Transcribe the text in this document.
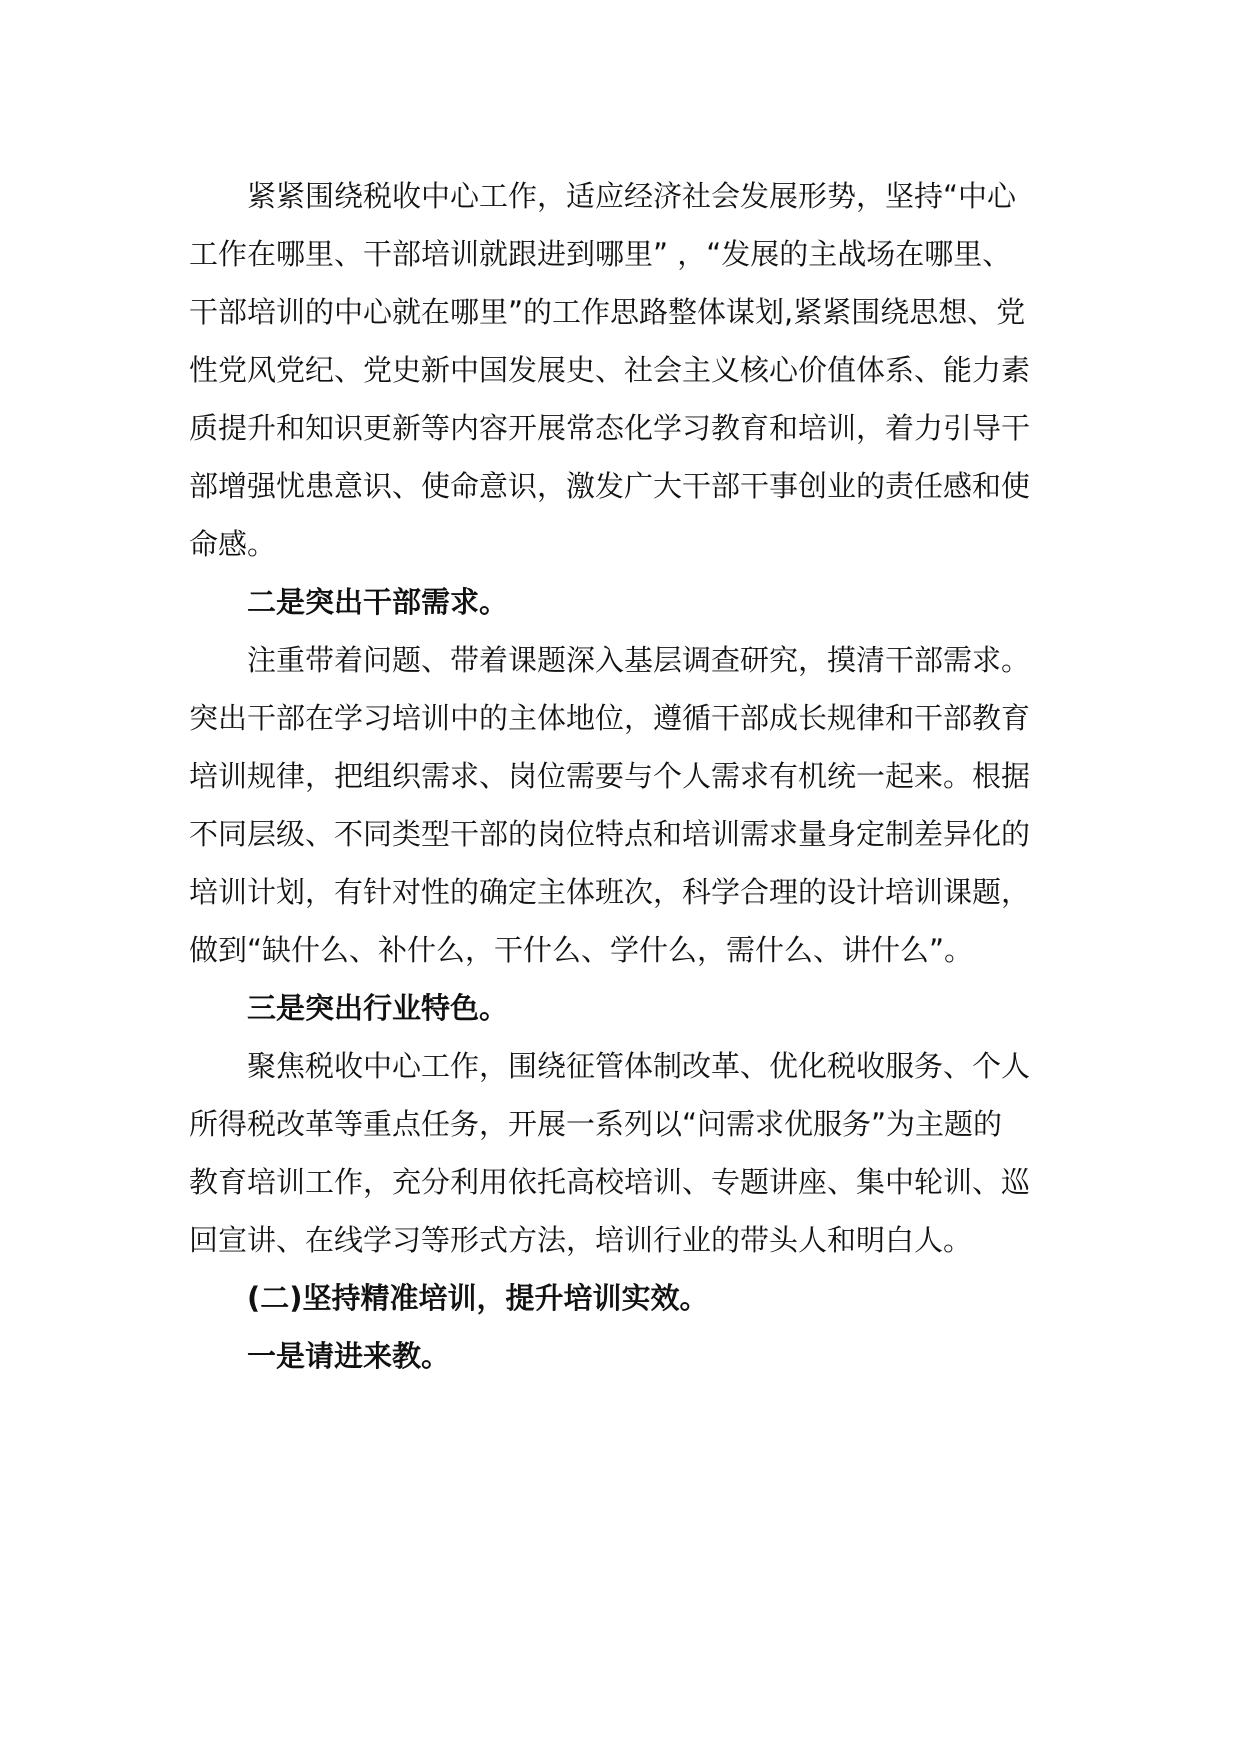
紧紧围绕税收中心工作，适应经济社会发展形势，坚持“中心
工作在哪里、干部培训就跟进到哪里” ，“发展的主战场在哪里、
干部培训的中心就在哪里”的工作思路整体谋划,紧紧围绕思想、党
性党风党纪、党史新中国发展史、社会主义核心价值体系、能力素
质提升和知识更新等内容开展常态化学习教育和培训，着力引导干
部增强忧患意识、使命意识，激发广大干部干事创业的责任感和使
命感。
二是突出干部需求。
注重带着问题、带着课题深入基层调查研究，摸清干部需求。
突出干部在学习培训中的主体地位，遵循干部成长规律和干部教育
培训规律，把组织需求、岗位需要与个人需求有机统一起来。根据
不同层级、不同类型干部的岗位特点和培训需求量身定制差异化的
培训计划，有针对性的确定主体班次，科学合理的设计培训课题，
做到“缺什么、补什么，干什么、学什么，需什么、讲什么”。
三是突出行业特色。
聚焦税收中心工作，围绕征管体制改革、优化税收服务、个人
所得税改革等重点任务，开展一系列以“问需求优服务”为主题的
教育培训工作，充分利用依托高校培训、专题讲座、集中轮训、巡
回宣讲、在线学习等形式方法，培训行业的带头人和明白人。
(二)坚持精准培训，提升培训实效。
一是请进来教。
